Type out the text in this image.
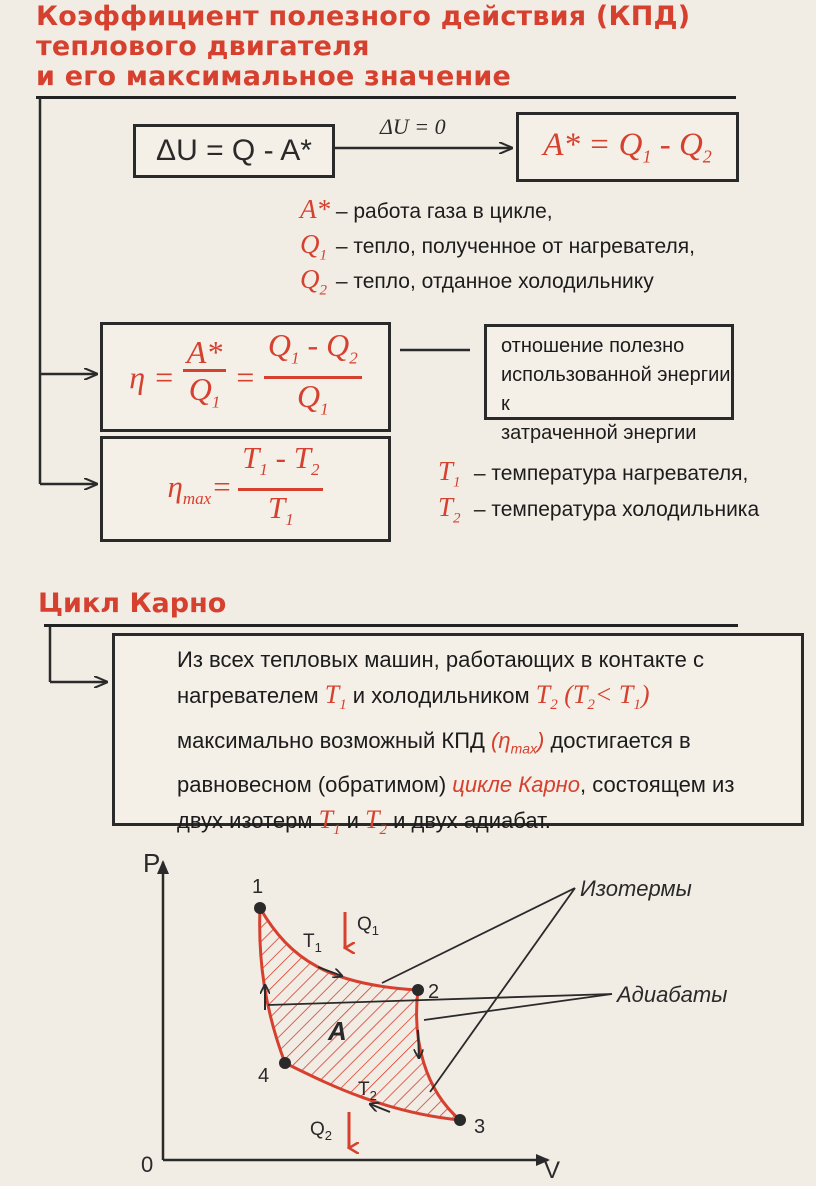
Коэффициент полезного действия (КПД)
теплового двигателя
и его максимальное значение
ΔU = Q - A*
ΔU = 0
$A* = Q_1 - Q_2$
A* – работа газа в цикле,
$Q_1$ – тепло, полученное от нагревателя,
$Q_2$ – тепло, отданное холодильнику
$\eta = \frac{A*}{Q_1} = \frac{Q_1 - Q_2}{Q_1}$	отношение полезно
использованной энергии к
затраченной энергии
$\eta_{max}= \frac{T_1 - T_2}{T_1}$	$T_1$ – температура нагревателя,
$T_2$ – температура холодильника
Цикл Карно
Из всех тепловых машин, работающих в контакте с
нагревателем $T_1$ и холодильником $T_2$ $(T_2< T_1)$
максимально возможный КПД $(\eta_{max})$ достигается в
равновесном (обратимом) цикле Карно, состоящем из
двух изотерм $T_1$ и $T_2$ и двух адиабат.
P
V
0
1
2
3
4
A
$T_1$
$T_2$
$Q_1$
$Q_2$
Изотермы
Адиабаты
